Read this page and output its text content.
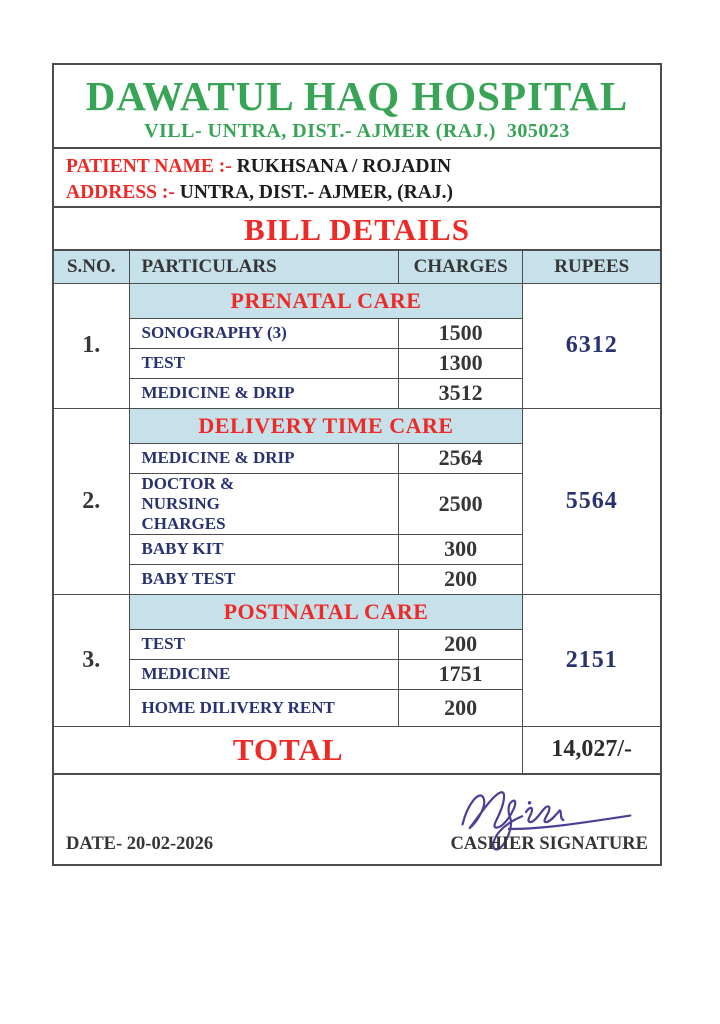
DAWATUL HAQ HOSPITAL
VILL- UNTRA, DIST.- AJMER (RAJ.)  305023
PATIENT NAME :- RUKHSANA / ROJADIN
ADDRESS :- UNTRA, DIST.- AJMER, (RAJ.)
BILL DETAILS
S.NO.	PARTICULARS	CHARGES	RUPEES
1.	PRENATAL CARE		6312
	SONOGRAPHY (3)	1500	
	TEST	1300	
	MEDICINE & DRIP	3512	
2.	DELIVERY TIME CARE		5564
	MEDICINE & DRIP	2564	
	DOCTOR & NURSING CHARGES	2500	
	BABY KIT	300	
	BABY TEST	200	
3.	POSTNATAL CARE		2151
	TEST	200	
	MEDICINE	1751	
	HOME DILIVERY RENT	200	
TOTAL			14,027/-
DATE- 20-02-2026	CASHIER SIGNATURE
